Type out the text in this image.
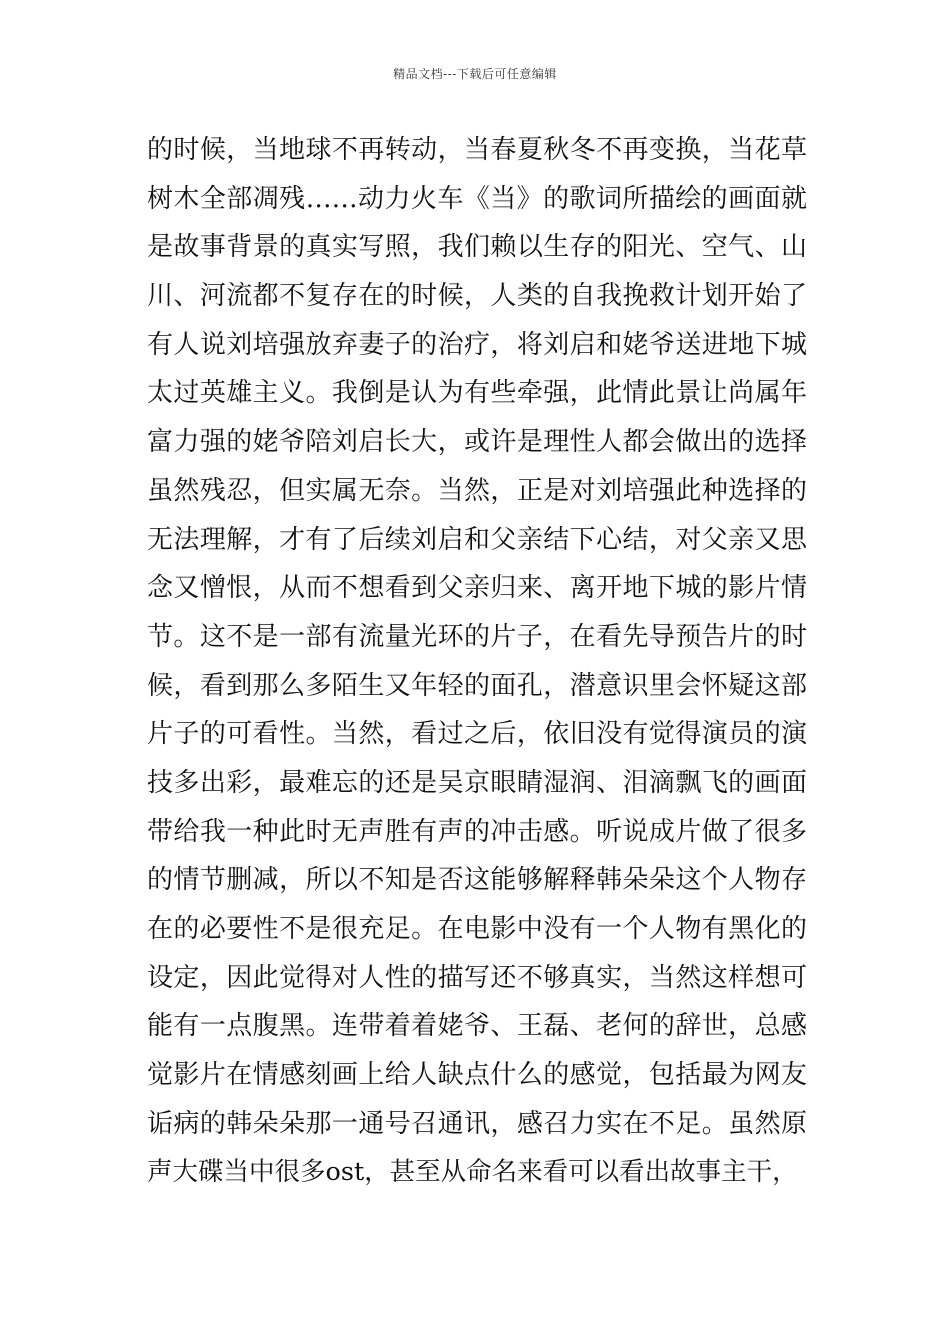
精品文档---下载后可任意编辑
的时候，当地球不再转动，当春夏秋冬不再变换，当花草
树木全部凋残……动力火车《当》的歌词所描绘的画面就
是故事背景的真实写照，我们赖以生存的阳光、空气、山
川、河流都不复存在的时候，人类的自我挽救计划开始了
有人说刘培强放弃妻子的治疗，将刘启和姥爷送进地下城
太过英雄主义。我倒是认为有些牵强，此情此景让尚属年
富力强的姥爷陪刘启长大，或许是理性人都会做出的选择
虽然残忍，但实属无奈。当然，正是对刘培强此种选择的
无法理解，才有了后续刘启和父亲结下心结，对父亲又思
念又憎恨，从而不想看到父亲归来、离开地下城的影片情
节。这不是一部有流量光环的片子，在看先导预告片的时
候，看到那么多陌生又年轻的面孔，潜意识里会怀疑这部
片子的可看性。当然，看过之后，依旧没有觉得演员的演
技多出彩，最难忘的还是吴京眼睛湿润、泪滴飘飞的画面
带给我一种此时无声胜有声的冲击感。听说成片做了很多
的情节删减，所以不知是否这能够解释韩朵朵这个人物存
在的必要性不是很充足。在电影中没有一个人物有黑化的
设定，因此觉得对人性的描写还不够真实，当然这样想可
能有一点腹黑。连带着着姥爷、王磊、老何的辞世，总感
觉影片在情感刻画上给人缺点什么的感觉，包括最为网友
诟病的韩朵朵那一通号召通讯，感召力实在不足。虽然原
声大碟当中很多ost，甚至从命名来看可以看出故事主干，
